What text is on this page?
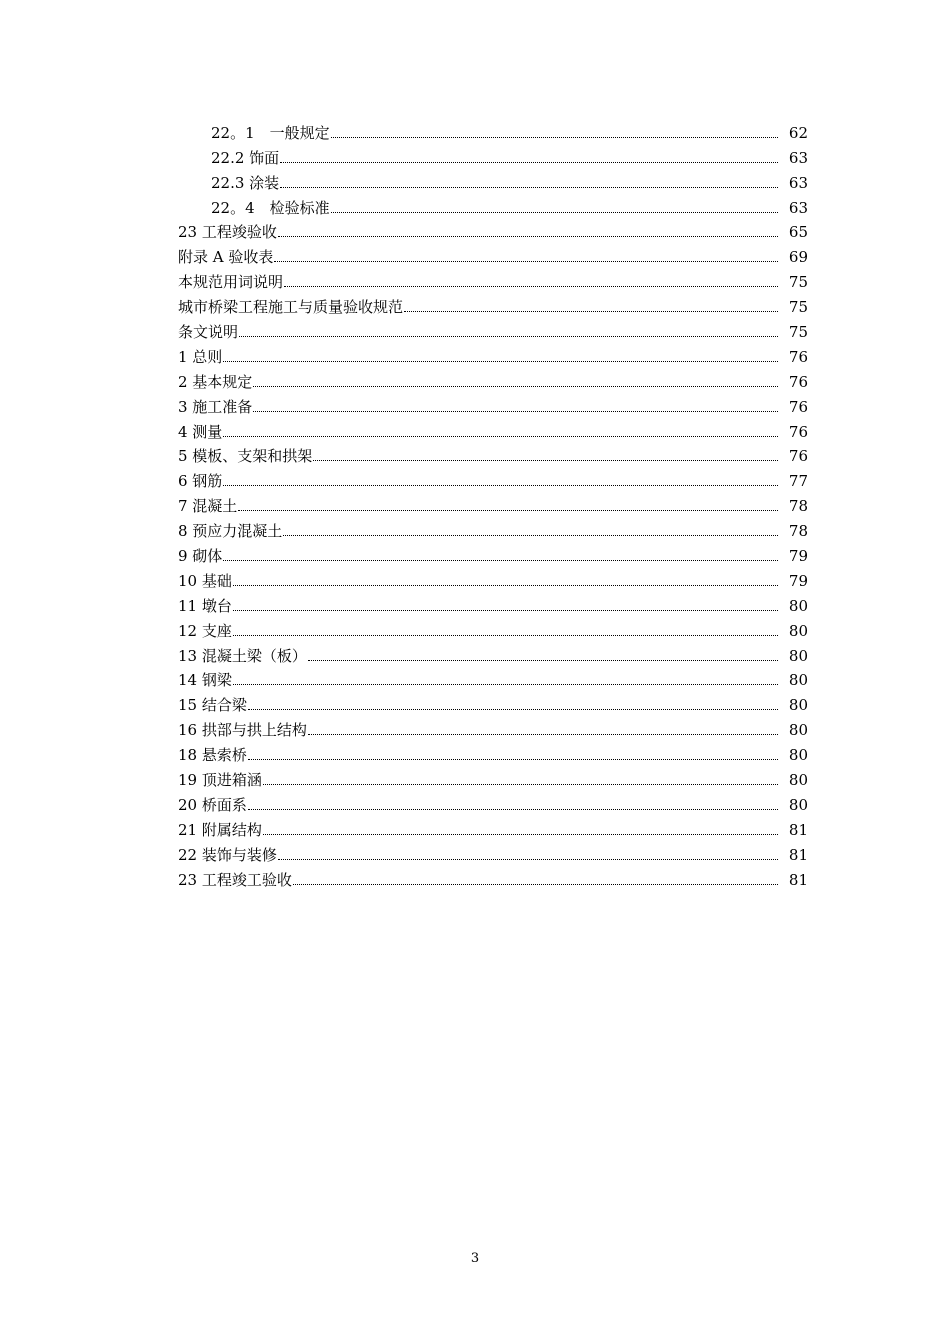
22。1　一般规定	62
22.2 饰面	63
22.3 涂装	63
22。4　检验标准	63
23 工程竣验收	65
附录 A 验收表	69
本规范用词说明	75
城市桥梁工程施工与质量验收规范	75
条文说明	75
1 总则	76
2 基本规定	76
3 施工准备	76
4 测量	76
5 模板、支架和拱架	76
6 钢筋	77
7 混凝土	78
8 预应力混凝土	78
9 砌体	79
10 基础	79
11 墩台	80
12 支座	80
13 混凝土梁（板）	80
14 钢梁	80
15 结合梁	80
16 拱部与拱上结构	80
18 悬索桥	80
19 顶进箱涵	80
20 桥面系	80
21 附属结构	81
22 装饰与装修	81
23 工程竣工验收	81
3
